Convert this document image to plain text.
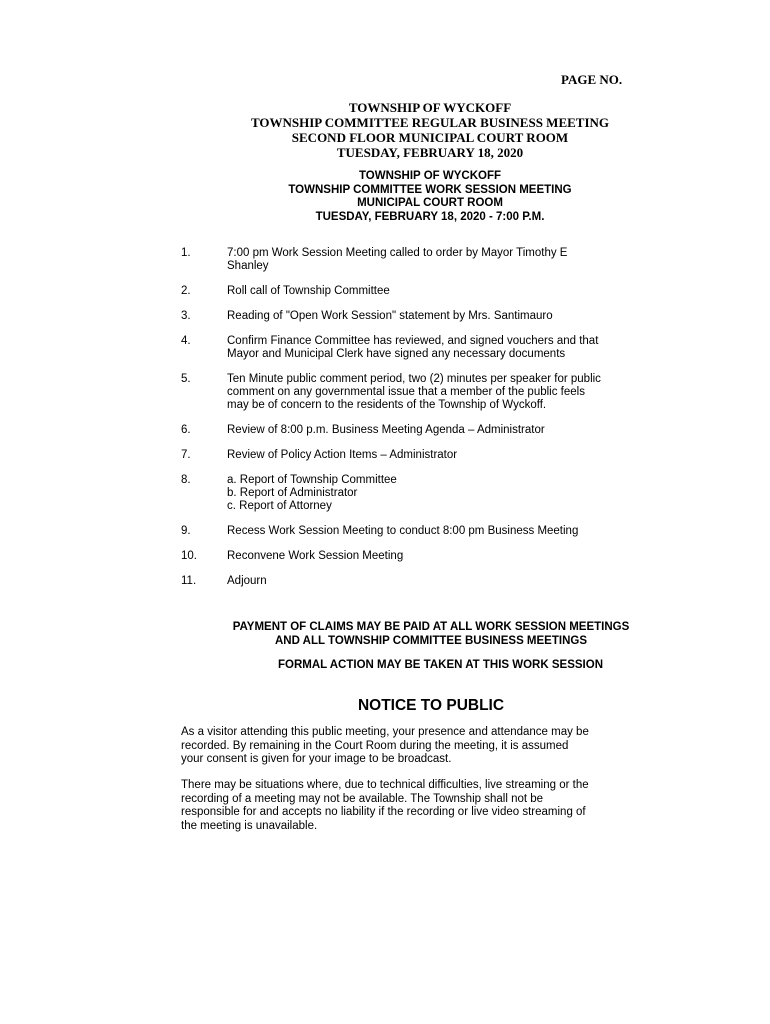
PAGE NO.
TOWNSHIP OF WYCKOFF
TOWNSHIP COMMITTEE REGULAR BUSINESS MEETING
SECOND FLOOR MUNICIPAL COURT ROOM
TUESDAY, FEBRUARY 18, 2020
TOWNSHIP OF WYCKOFF
TOWNSHIP COMMITTEE WORK SESSION MEETING
MUNICIPAL COURT ROOM
TUESDAY, FEBRUARY 18, 2020 - 7:00 P.M.
1.	7:00 pm Work Session Meeting called to order by Mayor Timothy E
Shanley
2.	Roll call of Township Committee
3.	Reading of "Open Work Session" statement by Mrs. Santimauro
4.	Confirm Finance Committee has reviewed, and signed vouchers and that
Mayor and Municipal Clerk have signed any necessary documents
5.	Ten Minute public comment period, two (2) minutes per speaker for public
comment on any governmental issue that a member of the public feels
may be of concern to the residents of the Township of Wyckoff.
6.	Review of 8:00 p.m. Business Meeting Agenda – Administrator
7.	Review of Policy Action Items – Administrator
8.	a. Report of Township Committee
b. Report of Administrator
c. Report of Attorney
9.	Recess Work Session Meeting to conduct 8:00 pm Business Meeting
10.	Reconvene Work Session Meeting
11.	Adjourn
PAYMENT OF CLAIMS MAY BE PAID AT ALL WORK SESSION MEETINGS
AND ALL TOWNSHIP COMMITTEE BUSINESS MEETINGS
FORMAL ACTION MAY BE TAKEN AT THIS WORK SESSION
NOTICE TO PUBLIC
As a visitor attending this public meeting, your presence and attendance may be
recorded. By remaining in the Court Room during the meeting, it is assumed
your consent is given for your image to be broadcast.
There may be situations where, due to technical difficulties, live streaming or the
recording of a meeting may not be available. The Township shall not be
responsible for and accepts no liability if the recording or live video streaming of
the meeting is unavailable.
